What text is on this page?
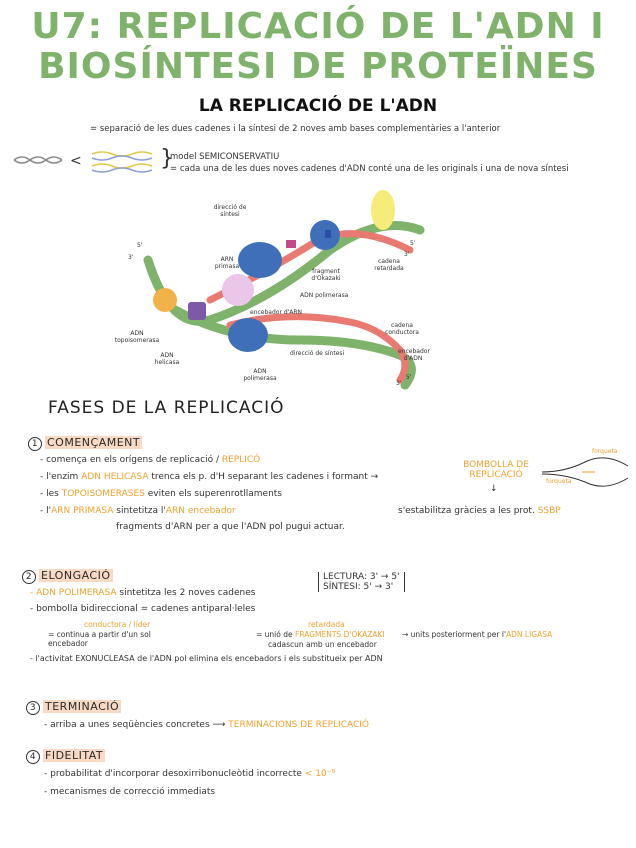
U7: REPLICACIÓ DE L'ADN I
BIOSÍNTESI DE PROTEÏNES
LA REPLICACIÓ DE L'ADN
= separació de les dues cadenes i la síntesi de 2 noves amb bases complementàries a l'anterior
<	}
model SEMICONSERVATIU
= cada una de les dues noves cadenes d'ADN conté una de les originals i una de nova síntesi
direcció de síntesi
5'
3'	ARN primasa
fragment d'Okazaki
ADN polimerasa
encebador d'ARN
cadena retardada
5'
3'
ADN topoisomerasa
ADN helicasa
cadena conductora
direcció de síntesi	encebador d'ADN
ADN polimerasa
3'
5'
FASES DE LA REPLICACIÓ
1 COMENÇAMENT
- comença en els orígens de replicació / REPLICÓ
- l'enzim ADN HELICASA trenca els p. d'H separant les cadenes i formant →
BOMBOLLA DE REPLICACIÓ
↓
forqueta
forqueta
- les TOPOISOMERASES eviten els superenrotllaments
- l'ARN PRIMASA sintetitza l'ARN encebador	s'estabilitza gràcies a les prot. SSBP
fragments d'ARN per a que l'ADN pol pugui actuar.
2 ELONGACIÓ
- ADN POLIMERASA sintetitza les 2 noves cadenes
LECTURA: 3' → 5'
SÍNTESI: 5' → 3'
- bombolla bidireccional = cadenes antiparal·leles
conductora / líder
= continua a partir d'un sol encebador
retardada
= unió de FRAGMENTS D'OKAZAKI
cadascun amb un encebador
→ units posteriorment per l'ADN LIGASA
- l'activitat EXONUCLEASA de l'ADN pol elimina els encebadors i els substitueix per ADN
3 TERMINACIÓ
- arriba a unes seqüències concretes ⟶ TERMINACIONS DE REPLICACIÓ
4 FIDELITAT
- probabilitat d'incorporar desoxirribonucleòtid incorrecte < 10⁻⁹
- mecanismes de correcció immediats
